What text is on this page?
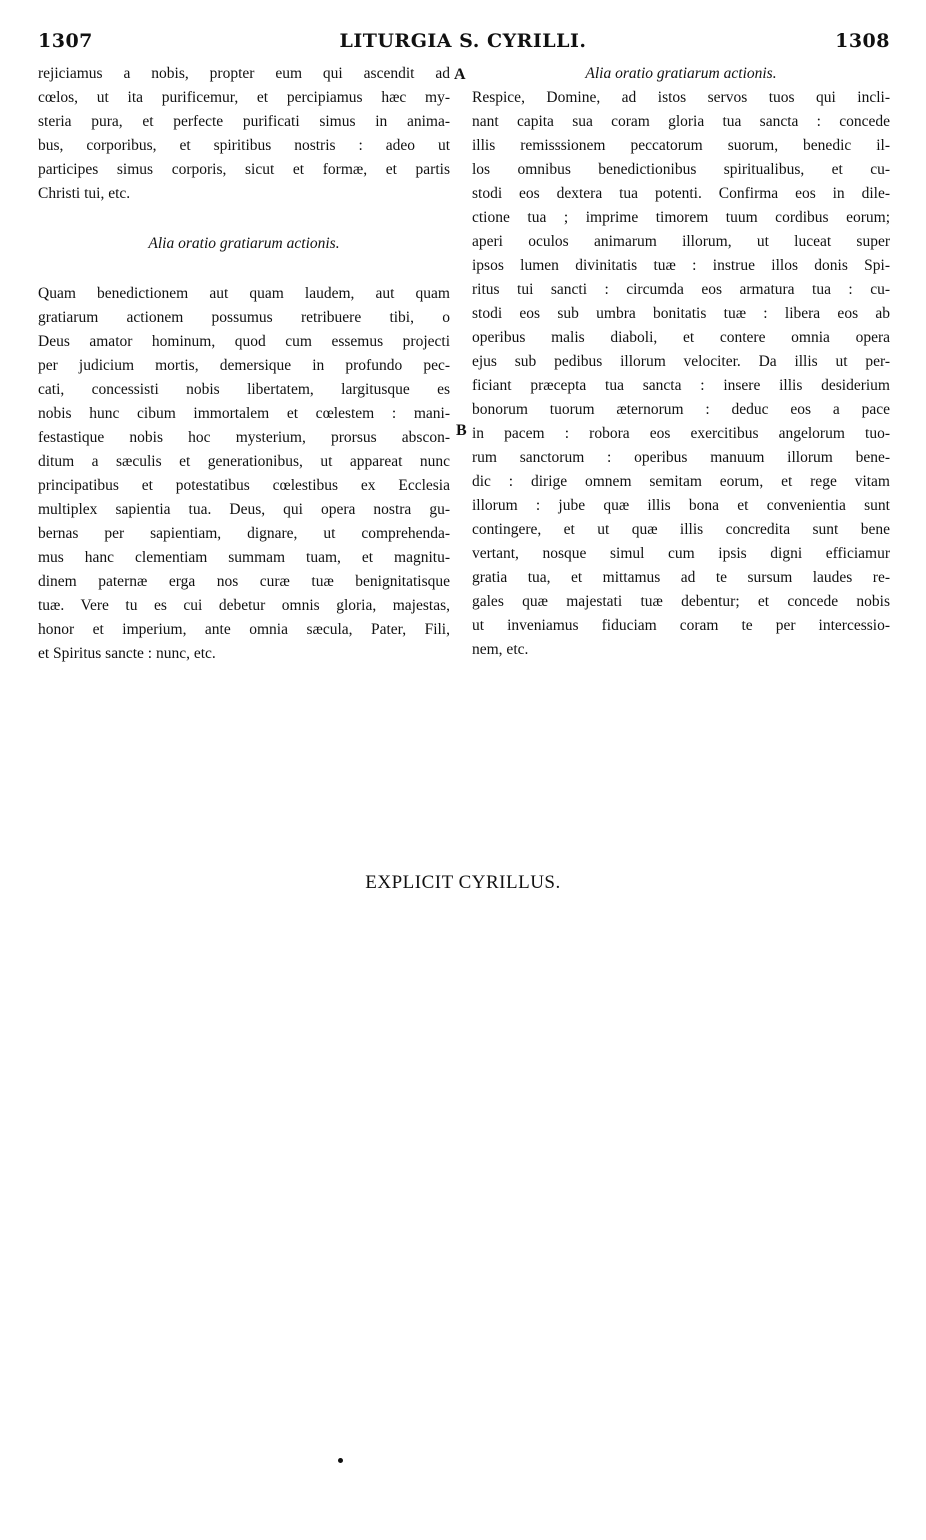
1307	LITURGIA S. CYRILLI.	1308
rejiciamus a nobis, propter eum qui ascendit ad
cœlos, ut ita purificemur, et percipiamus hæc my-
steria pura, et perfecte purificati simus in anima-
bus, corporibus, et spiritibus nostris : adeo ut
participes simus corporis, sicut et formæ, et partis
Christi tui, etc.
Alia oratio gratiarum actionis.
Quam benedictionem aut quam laudem, aut quam
gratiarum actionem possumus retribuere tibi, o
Deus amator hominum, quod cum essemus projecti
per judicium mortis, demersique in profundo pec-
cati, concessisti nobis libertatem, largitusque es
nobis hunc cibum immortalem et cœlestem : mani-
festastique nobis hoc mysterium, prorsus abscon-
ditum a sæculis et generationibus, ut appareat nunc
principatibus et potestatibus cœlestibus ex Ecclesia
multiplex sapientia tua. Deus, qui opera nostra gu-
bernas per sapientiam, dignare, ut comprehenda-
mus hanc clementiam summam tuam, et magnitu-
dinem paternæ erga nos curæ tuæ benignitatisque
tuæ. Vere tu es cui debetur omnis gloria, majestas,
honor et imperium, ante omnia sæcula, Pater, Fili,
et Spiritus sancte : nunc, etc.
A
B
Alia oratio gratiarum actionis.
Respice, Domine, ad istos servos tuos qui incli-
nant capita sua coram gloria tua sancta : concede
illis remisssionem peccatorum suorum, benedic il-
los omnibus benedictionibus spiritualibus, et cu-
stodi eos dextera tua potenti. Confirma eos in dile-
ctione tua ; imprime timorem tuum cordibus eorum;
aperi oculos animarum illorum, ut luceat super
ipsos lumen divinitatis tuæ : instrue illos donis Spi-
ritus tui sancti : circumda eos armatura tua : cu-
stodi eos sub umbra bonitatis tuæ : libera eos ab
operibus malis diaboli, et contere omnia opera
ejus sub pedibus illorum velociter. Da illis ut per-
ficiant præcepta tua sancta : insere illis desiderium
bonorum tuorum æternorum : deduc eos a pace
in pacem : robora eos exercitibus angelorum tuo-
rum sanctorum : operibus manuum illorum bene-
dic : dirige omnem semitam eorum, et rege vitam
illorum : jube quæ illis bona et convenientia sunt
contingere, et ut quæ illis concredita sunt bene
vertant, nosque simul cum ipsis digni efficiamur
gratia tua, et mittamus ad te sursum laudes re-
gales quæ majestati tuæ debentur; et concede nobis
ut inveniamus fiduciam coram te per intercessio-
nem, etc.
EXPLICIT CYRILLUS.
